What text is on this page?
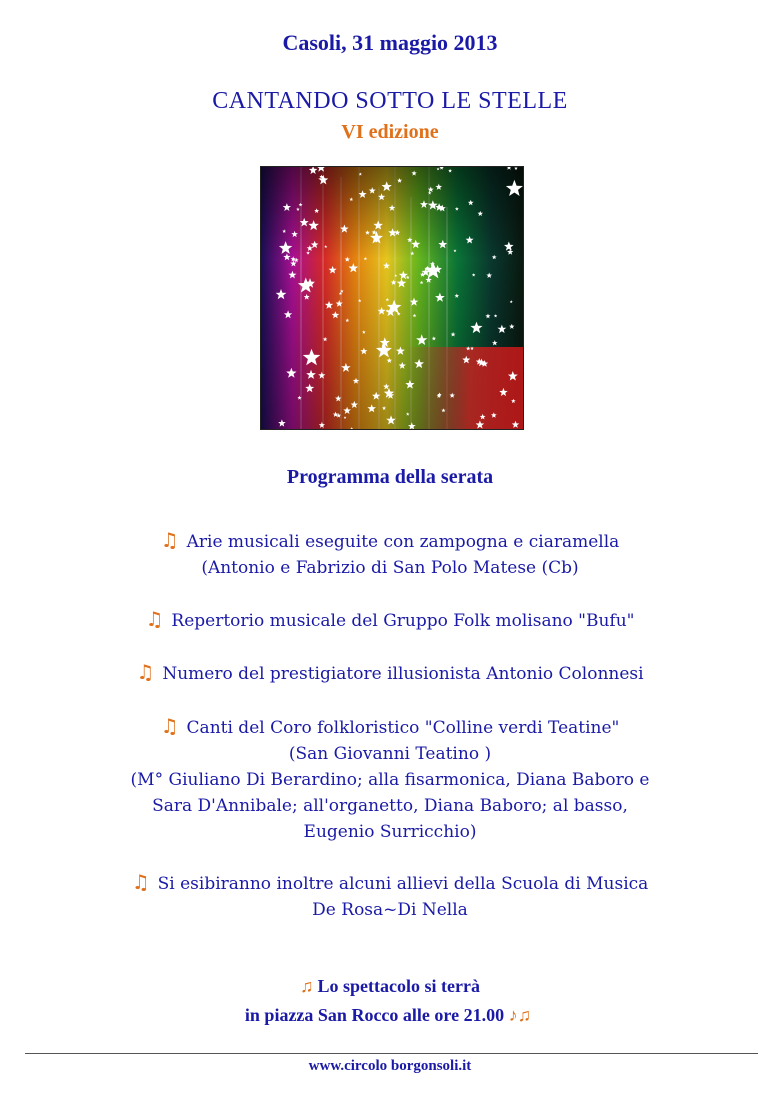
Casoli, 31 maggio 2013
CANTANDO SOTTO LE STELLE
VI edizione
Programma della serata
♫ Arie musicali eseguite con zampogna e ciaramella
(Antonio e Fabrizio di San Polo Matese (Cb)
♫ Repertorio musicale del Gruppo Folk molisano "Bufu"
♫ Numero del prestigiatore illusionista Antonio Colonnesi
♫ Canti del Coro folkloristico "Colline verdi Teatine"
(San Giovanni Teatino )
(M° Giuliano Di Berardino; alla fisarmonica, Diana Baboro e
Sara D'Annibale; all'organetto, Diana Baboro; al basso,
Eugenio Surricchio)
♫ Si esibiranno inoltre alcuni allievi della Scuola di Musica
De Rosa~Di Nella
♫ Lo spettacolo si terrà
in piazza San Rocco alle ore 21.00 ♪♫
www.circolo borgonsoli.it
